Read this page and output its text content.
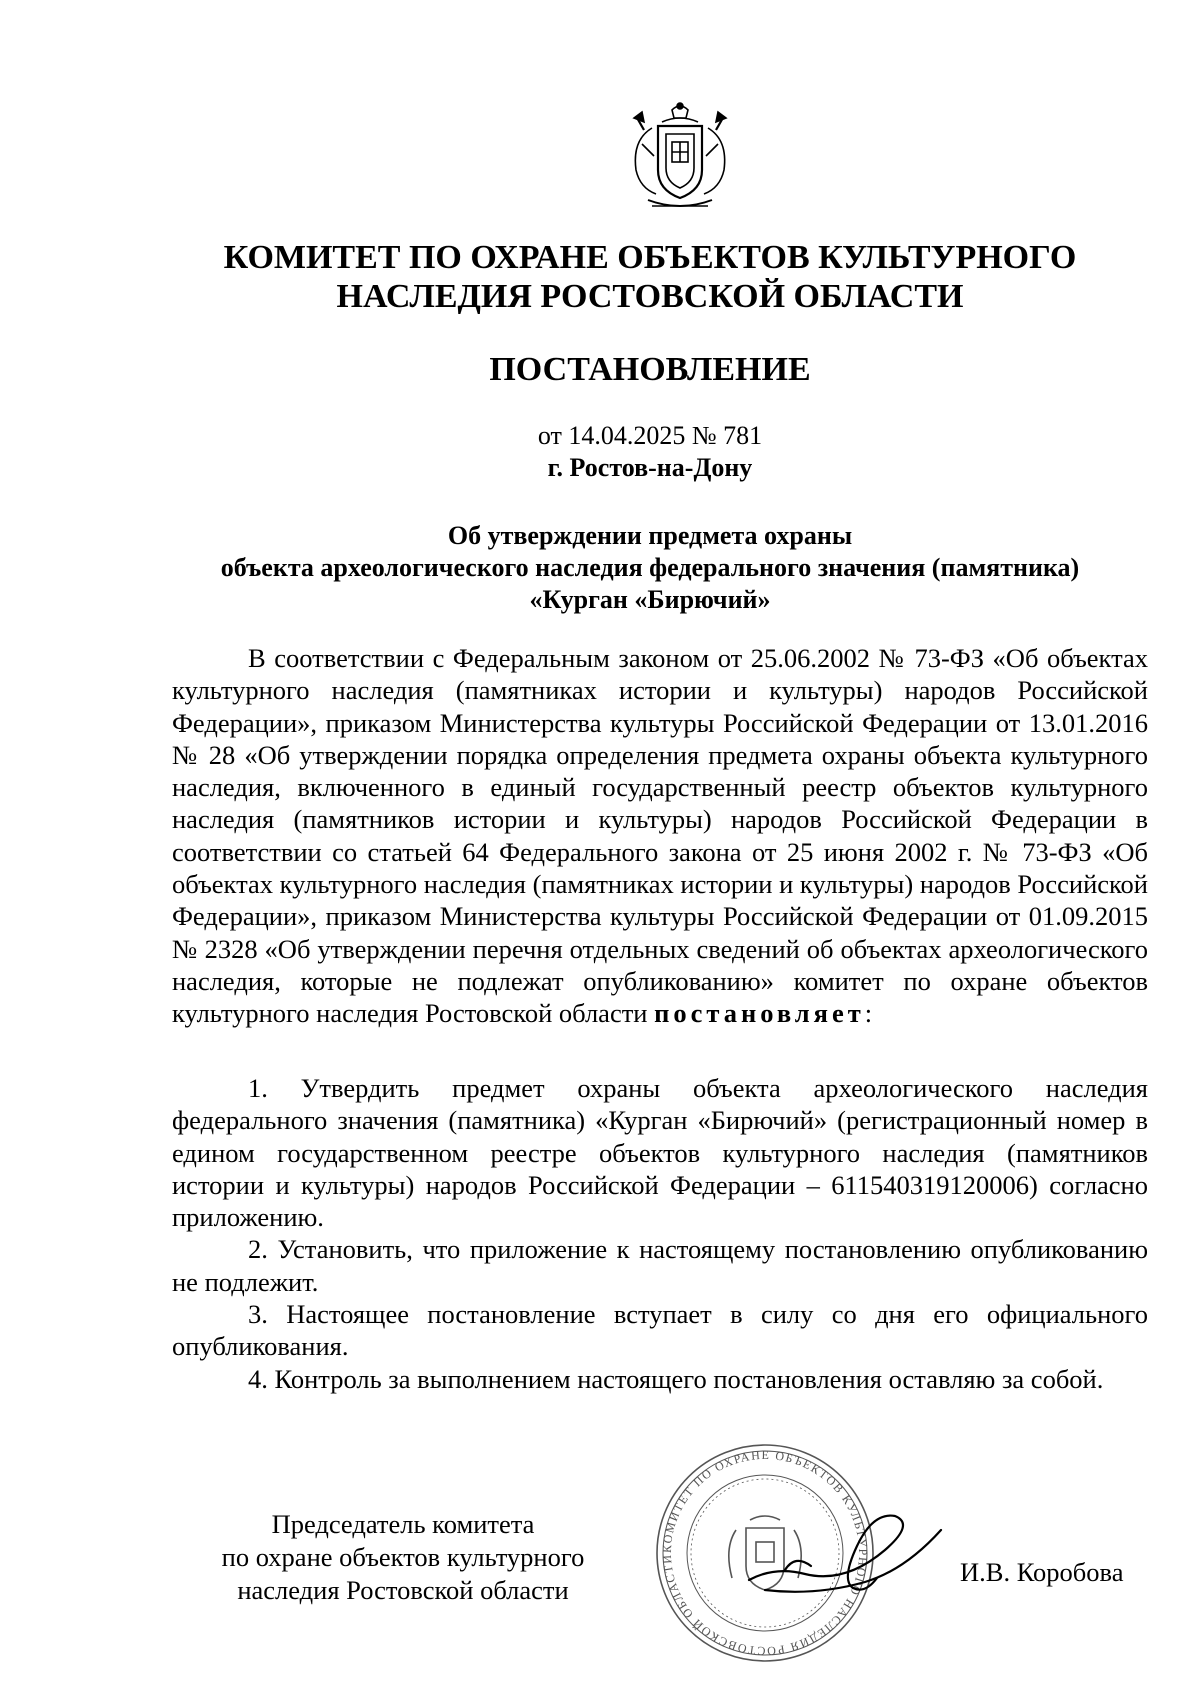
КОМИТЕТ ПО ОХРАНЕ ОБЪЕКТОВ КУЛЬТУРНОГО
НАСЛЕДИЯ РОСТОВСКОЙ ОБЛАСТИ
ПОСТАНОВЛЕНИЕ
от 14.04.2025 № 781
г. Ростов-на-Дону
Об утверждении предмета охраны
объекта археологического наследия федерального значения (памятника)
«Курган «Бирючий»

В соответствии с Федеральным законом от 25.06.2002 № 73-ФЗ «Об объектах культурного наследия (памятниках истории и культуры) народов Российской Федерации», приказом Министерства культуры Российской Федерации от 13.01.2016 № 28 «Об утверждении порядка определения предмета охраны объекта культурного наследия, включенного в единый государственный реестр объектов культурного наследия (памятников истории и культуры) народов Российской Федерации в соответствии со статьей 64 Федерального закона от 25 июня 2002 г. № 73-ФЗ «Об объектах культурного наследия (памятниках истории и культуры) народов Российской Федерации», приказом Министерства культуры Российской Федерации от 01.09.2015 № 2328 «Об утверждении перечня отдельных сведений об объектах археологического наследия, которые не подлежат опубликованию» комитет по охране объектов культурного наследия Ростовской области постановляет:

1. Утвердить предмет охраны объекта археологического наследия федерального значения (памятника) «Курган «Бирючий» (регистрационный номер в едином государственном реестре объектов культурного наследия (памятников истории и культуры) народов Российской Федерации – 611540319120006) согласно приложению.

2. Установить, что приложение к настоящему постановлению опубликованию не подлежит.

3. Настоящее постановление вступает в силу со дня его официального опубликования.

4. Контроль за выполнением настоящего постановления оставляю за собой.

Председатель комитета
по охране объектов культурного
наследия Ростовской области
КОМИТЕТ ПО ОХРАНЕ ОБЪЕКТОВ КУЛЬТУРНОГО НАСЛЕДИЯ РОСТОВСКОЙ ОБЛАСТИ	И.В. Коробова
